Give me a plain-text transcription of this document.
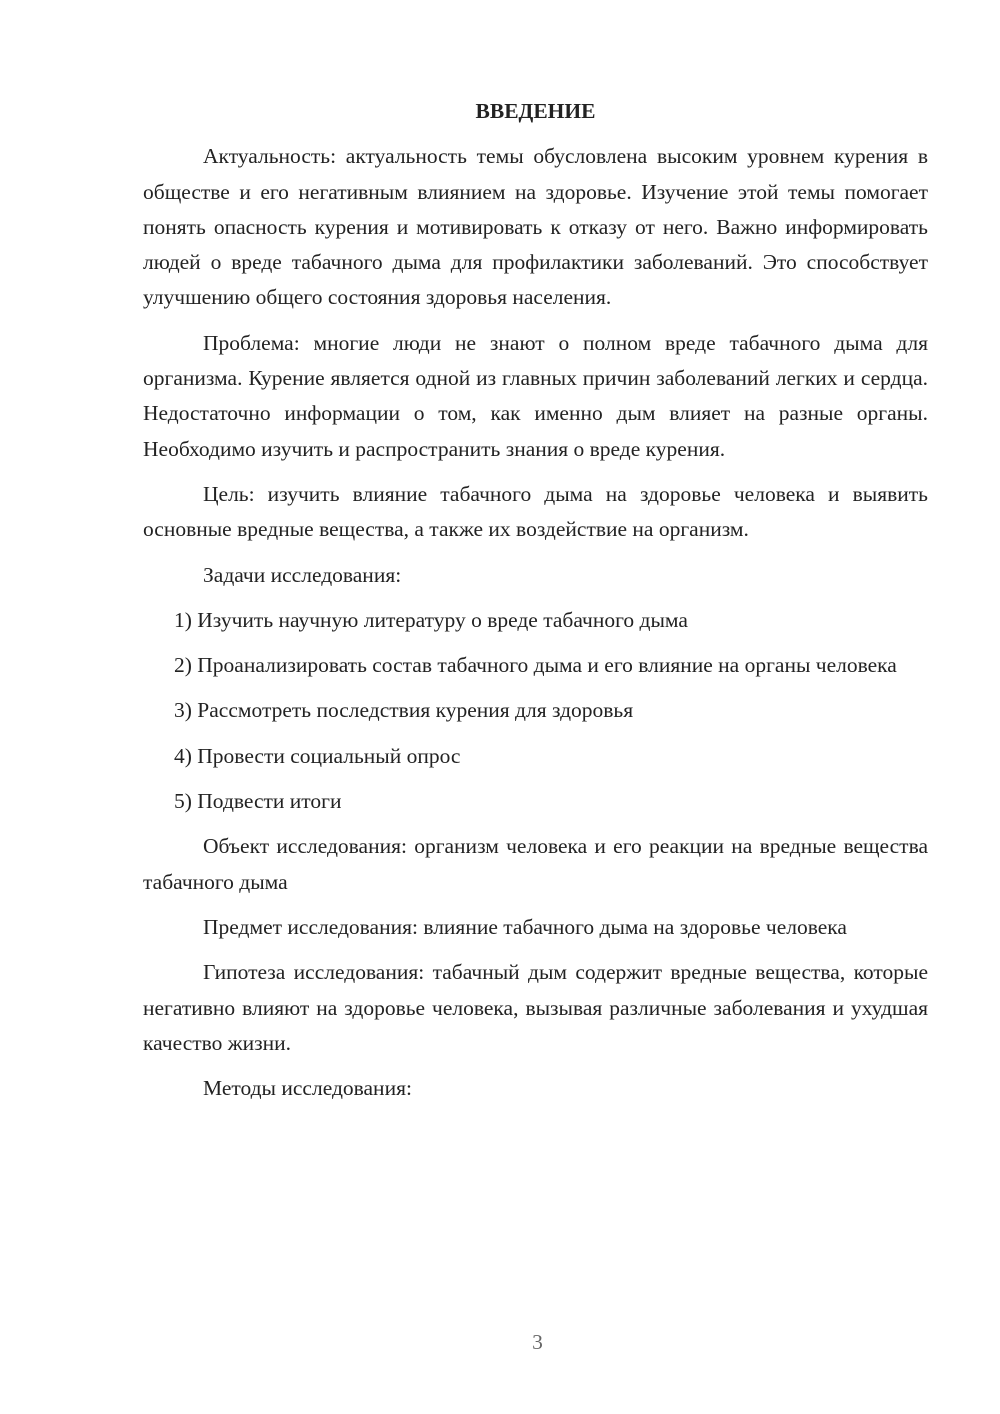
ВВЕДЕНИЕ

Актуальность: актуальность темы обусловлена высоким уровнем курения в обществе и его негативным влиянием на здоровье. Изучение этой темы помогает понять опасность курения и мотивировать к отказу от него. Важно информировать людей о вреде табачного дыма для профилактики заболеваний. Это способствует улучшению общего состояния здоровья населения.

Проблема: многие люди не знают о полном вреде табачного дыма для организма. Курение является одной из главных причин заболеваний легких и сердца. Недостаточно информации о том, как именно дым влияет на разные органы. Необходимо изучить и распространить знания о вреде курения.

Цель: изучить влияние табачного дыма на здоровье человека и выявить основные вредные вещества, а также их воздействие на организм.

Задачи исследования:

1) Изучить научную литературу о вреде табачного дыма

2) Проанализировать состав табачного дыма и его влияние на органы человека

3) Рассмотреть последствия курения для здоровья

4) Провести социальный опрос

5) Подвести итоги

Объект исследования: организм человека и его реакции на вредные вещества табачного дыма

Предмет исследования: влияние табачного дыма на здоровье человека

Гипотеза исследования: табачный дым содержит вредные вещества, которые негативно влияют на здоровье человека, вызывая различные заболевания и ухудшая качество жизни.

Методы исследования:

3
